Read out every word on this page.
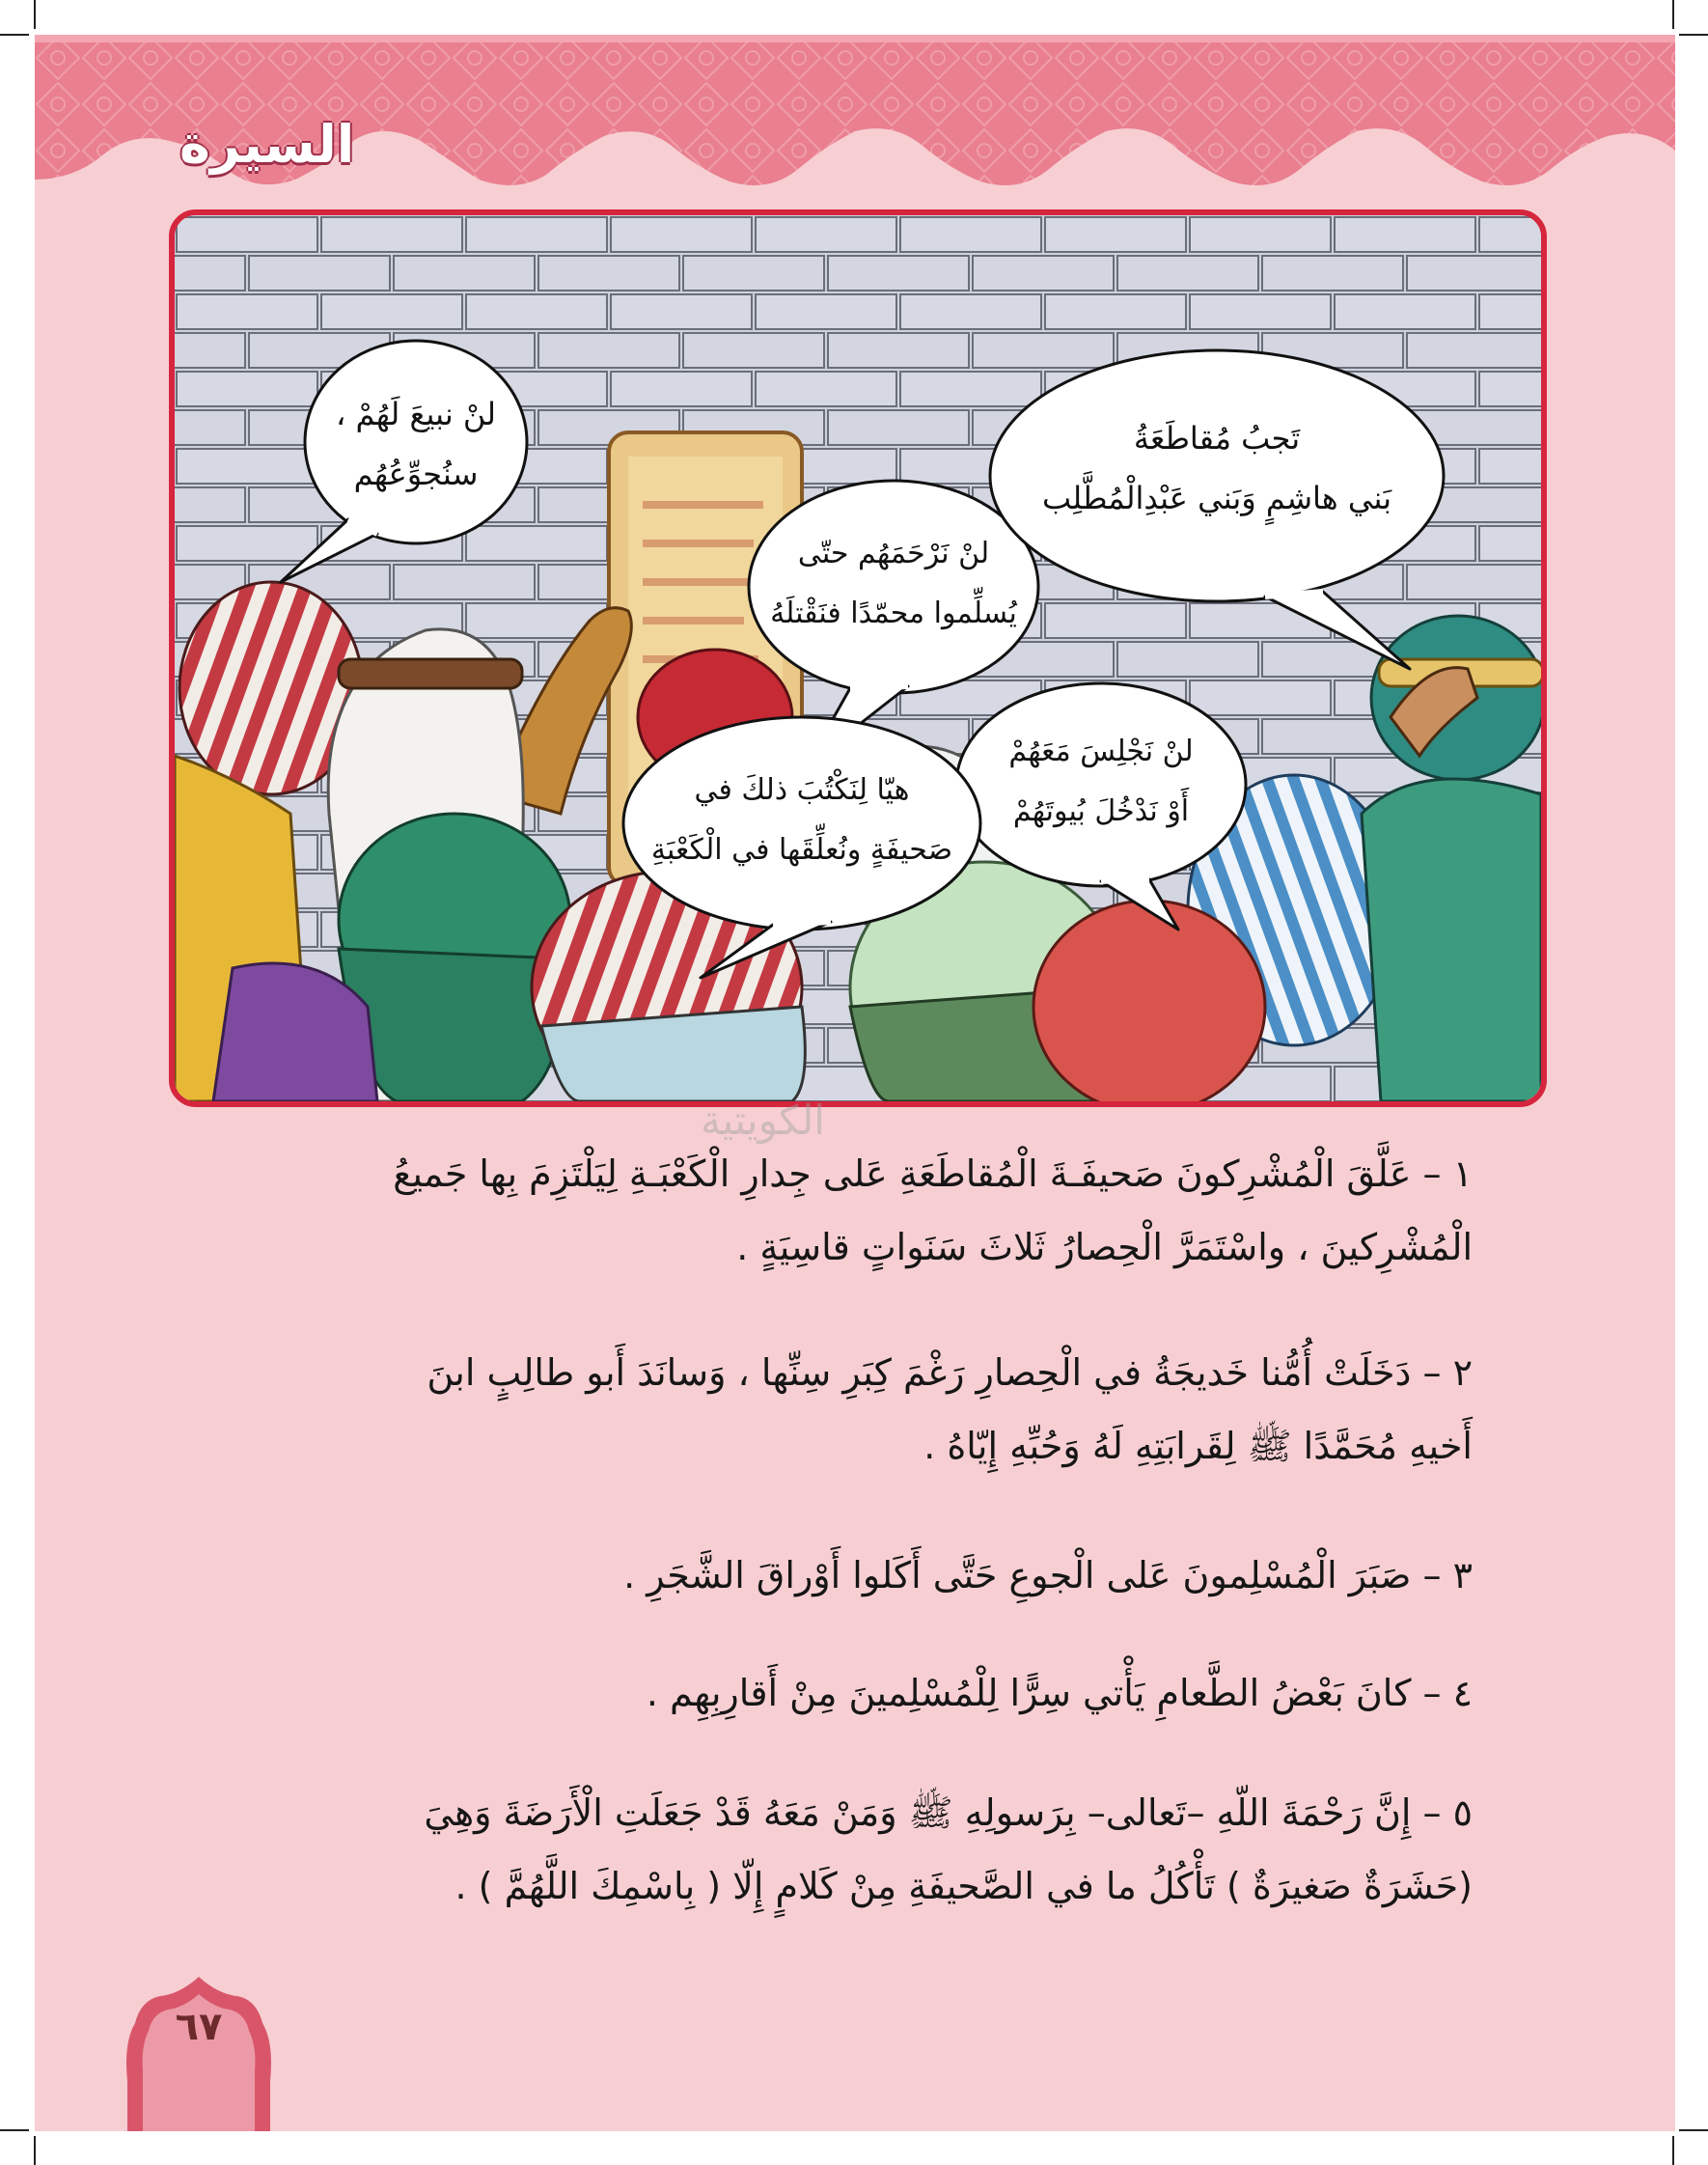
السيرة
لنْ نبيعَ لَهُمْ ،
سنُجوِّعُهُم
لنْ نَرْحَمَهُم حتّى
يُسلِّموا محمّدًا فنَقْتلَهُ
تَجبُ مُقاطَعَةُ
بَني هاشِمٍ وَبَني عَبْدِالْمُطَّلِب
لنْ نَجْلِسَ مَعَهُمْ
أَوْ نَدْخُلَ بُيوتَهُمْ
هيّا لِنَكْتُبَ ذلكَ في
صَحيفَةٍ ونُعلِّقَها في الْكَعْبَةِ
الكويتية
١ – عَلَّقَ الْمُشْرِكونَ صَحيفَـةَ الْمُقاطَعَةِ عَلى جِدارِ الْكَعْبَـةِ لِيَلْتَزِمَ بِها جَميعُ
الْمُشْرِكينَ ، واسْتَمَرَّ الْحِصارُ ثَلاثَ سَنَواتٍ قاسِيَةٍ .
٢ – دَخَلَتْ أُمُّنا خَديجَةُ في الْحِصارِ رَغْمَ كِبَرِ سِنِّها ، وَسانَدَ أَبو طالِبٍ ابنَ
أَخيهِ مُحَمَّدًا ﷺ لِقَرابَتِهِ لَهُ وَحُبِّهِ إِيّاهُ .
٣ – صَبَرَ الْمُسْلِمونَ عَلى الْجوعِ حَتَّى أَكَلوا أَوْراقَ الشَّجَرِ .
٤ – كانَ بَعْضُ الطَّعامِ يَأْتي سِرًّا لِلْمُسْلِمينَ مِنْ أَقارِبِهِم .
٥ – إِنَّ رَحْمَةَ اللّهِ –تَعالى– بِرَسولِهِ ﷺ وَمَنْ مَعَهُ قَدْ جَعَلَتِ الْأَرَضَةَ وَهِيَ
(حَشَرَةٌ صَغيرَةٌ ) تَأْكُلُ ما في الصَّحيفَةِ مِنْ كَلامٍ إِلّا ( بِاسْمِكَ اللَّهُمَّ ) .
٦٧
